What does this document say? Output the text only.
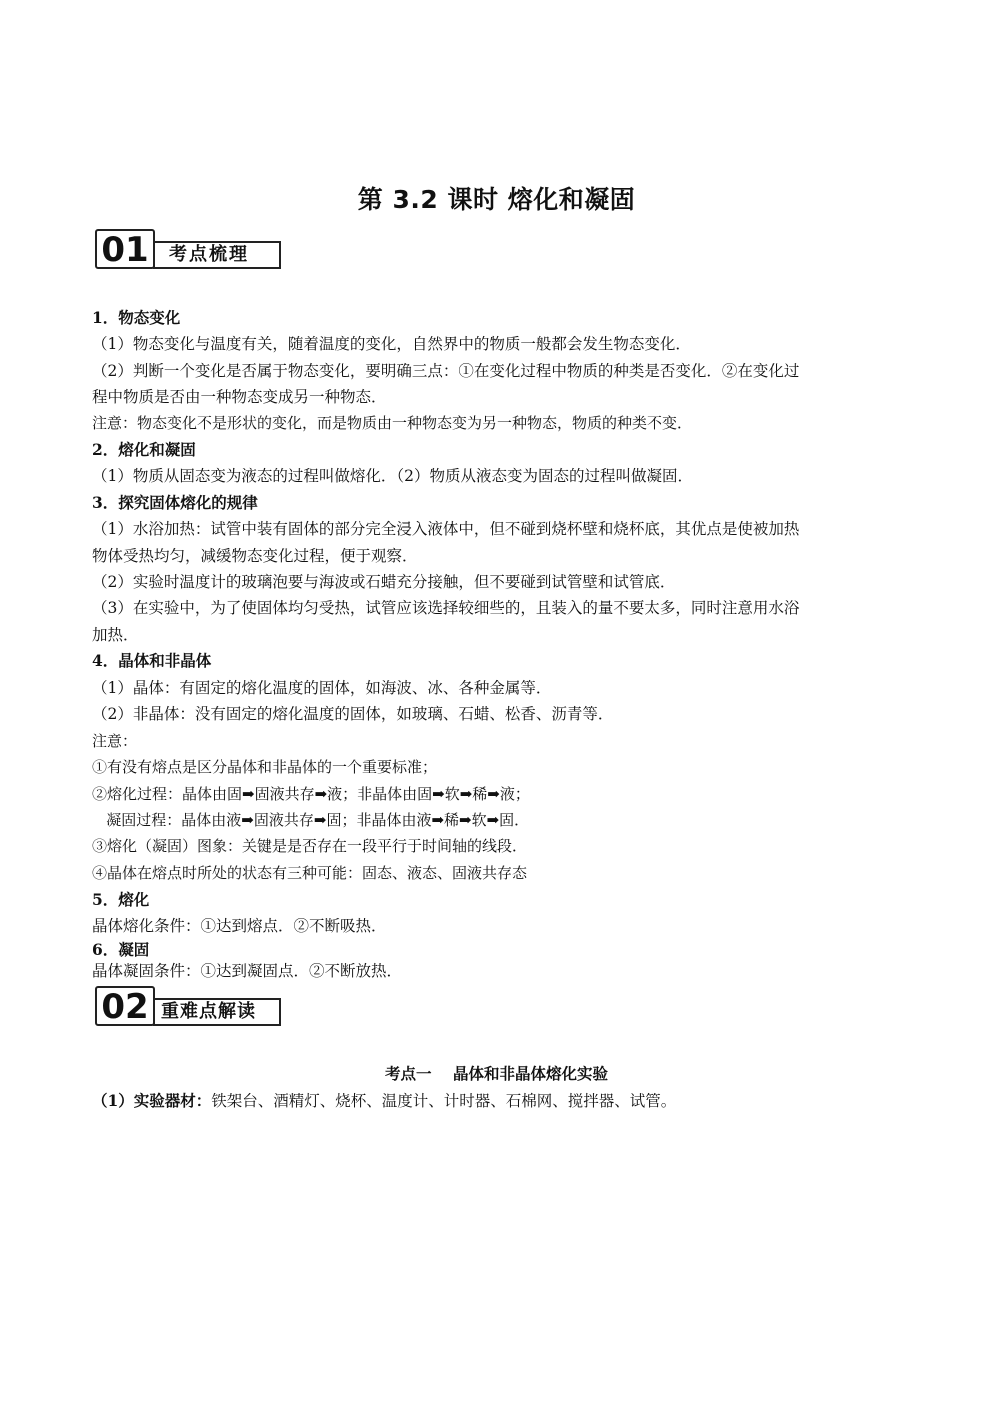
第 3.2 课时 熔化和凝固
01	考点梳理
1．物态变化
（1）物态变化与温度有关，随着温度的变化，自然界中的物质一般都会发生物态变化．
（2）判断一个变化是否属于物态变化，要明确三点：①在变化过程中物质的种类是否变化．②在变化过
程中物质是否由一种物态变成另一种物态．
注意：物态变化不是形状的变化，而是物质由一种物态变为另一种物态，物质的种类不变．
2．熔化和凝固
（1）物质从固态变为液态的过程叫做熔化．（2）物质从液态变为固态的过程叫做凝固．
3．探究固体熔化的规律
（1）水浴加热：试管中装有固体的部分完全浸入液体中，但不碰到烧杯壁和烧杯底，其优点是使被加热
物体受热均匀，减缓物态变化过程，便于观察．
（2）实验时温度计的玻璃泡要与海波或石蜡充分接触，但不要碰到试管壁和试管底．
（3）在实验中，为了使固体均匀受热，试管应该选择较细些的，且装入的量不要太多，同时注意用水浴
加热．
4．晶体和非晶体
（1）晶体：有固定的熔化温度的固体，如海波、冰、各种金属等．
（2）非晶体：没有固定的熔化温度的固体，如玻璃、石蜡、松香、沥青等．
注意：
①有没有熔点是区分晶体和非晶体的一个重要标准；
②熔化过程：晶体由固➡固液共存➡液；非晶体由固➡软➡稀➡液；
凝固过程：晶体由液➡固液共存➡固；非晶体由液➡稀➡软➡固．
③熔化（凝固）图象：关键是是否存在一段平行于时间轴的线段．
④晶体在熔点时所处的状态有三种可能：固态、液态、固液共存态
5．熔化
晶体熔化条件：①达到熔点．②不断吸热．
6．凝固
晶体凝固条件：①达到凝固点．②不断放热．
02 重难点解读
考点一    晶体和非晶体熔化实验
（1）实验器材：铁架台、酒精灯、烧杯、温度计、计时器、石棉网、搅拌器、试管。
